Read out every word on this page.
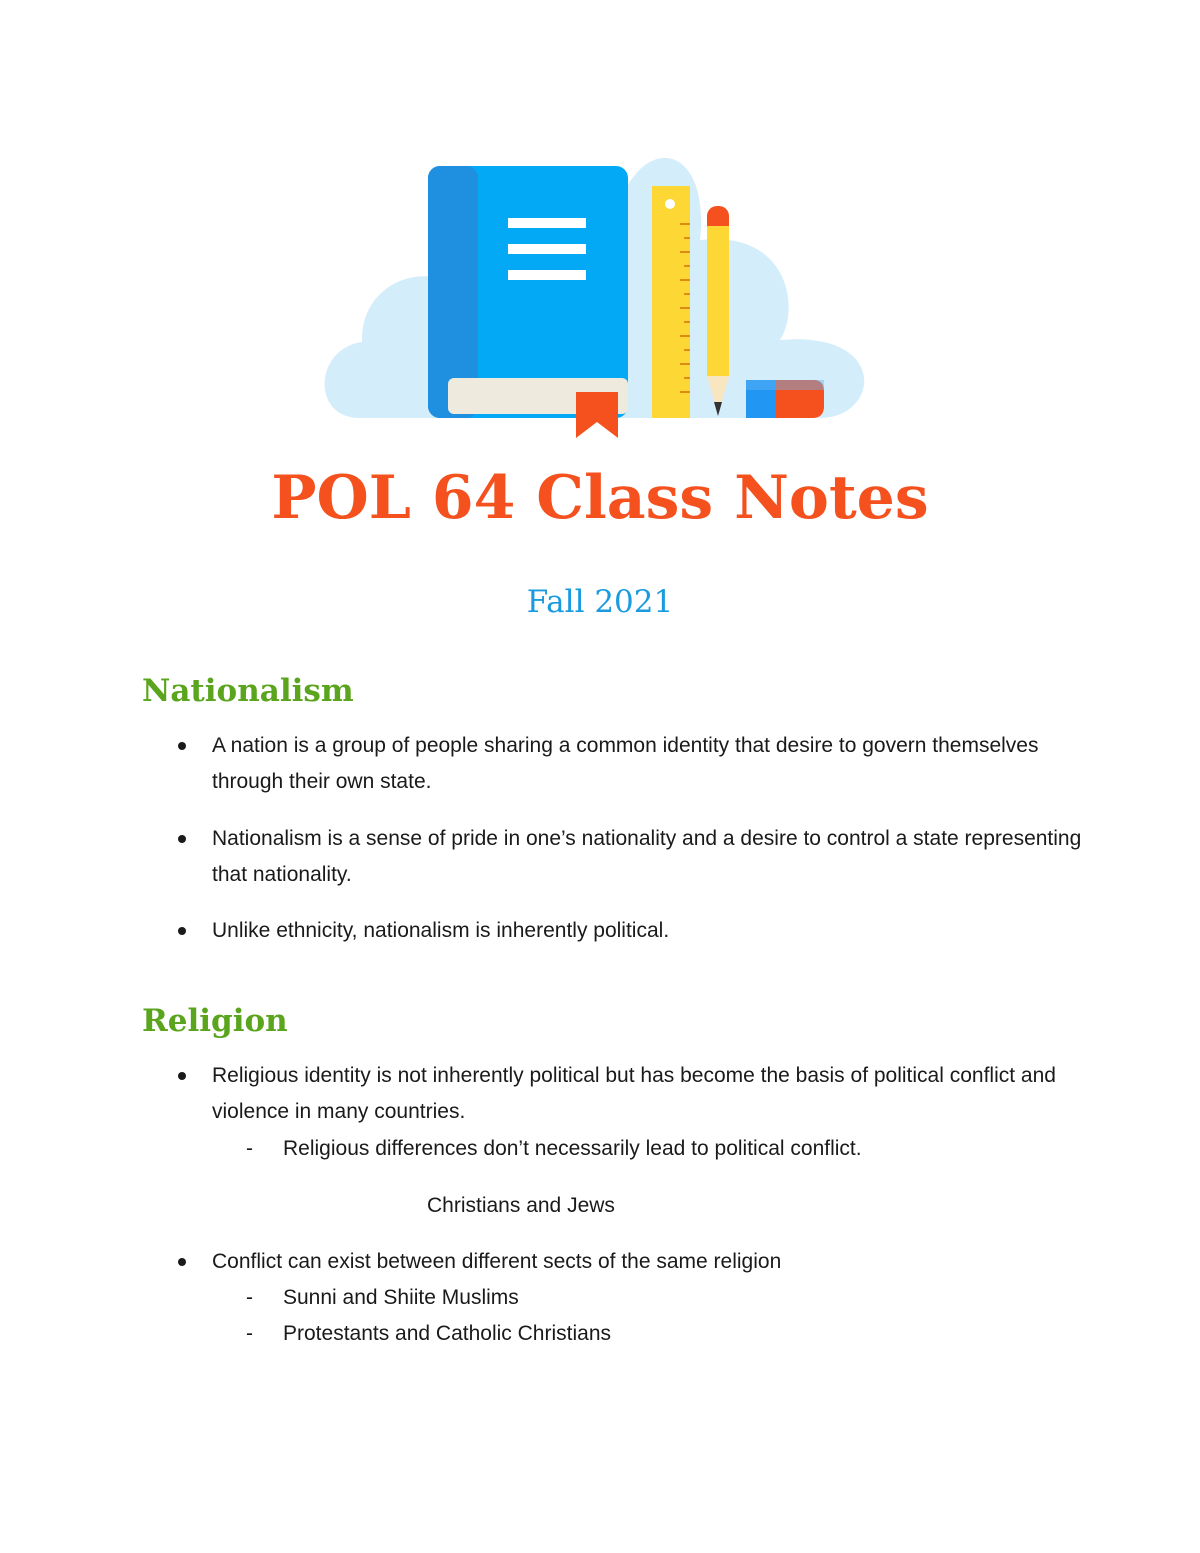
POL 64 Class Notes
Fall 2021
Nationalism
A nation is a group of people sharing a common identity that desire to govern themselves through their own state.
Nationalism is a sense of pride in one’s nationality and a desire to control a state representing that nationality.
Unlike ethnicity, nationalism is inherently political.
Religion
Religious identity is not inherently political but has become the basis of political conflict and violence in many countries.
- Religious differences don’t necessarily lead to political conflict.
Christians and Jews
Conflict can exist between different sects of the same religion
- Sunni and Shiite Muslims
- Protestants and Catholic Christians
